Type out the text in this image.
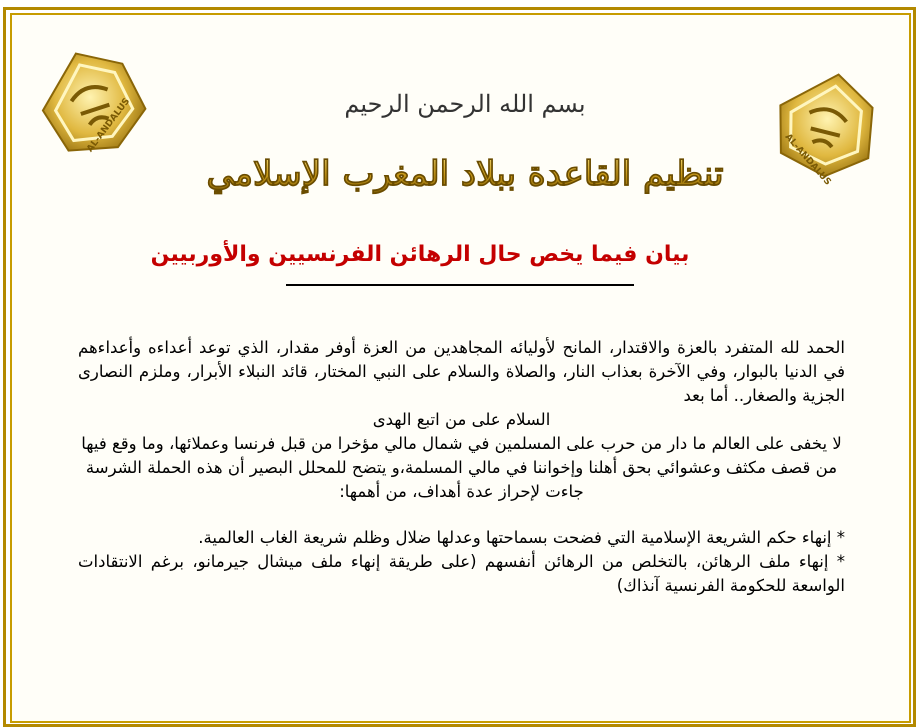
AL-ANDALUS
AL-ANDALUS
بسم الله الرحمن الرحيم
تنظيم القاعدة ببلاد المغرب الإسلامي
بيان فيما يخص حال الرهائن الفرنسيين والأوربيين

الحمد لله المتفرد بالعزة والاقتدار، المانح لأوليائه المجاهدين من العزة أوفر مقدار، الذي توعد أعداءه وأعداءهم في الدنيا بالبوار، وفي الآخرة بعذاب النار، والصلاة والسلام على النبي المختار، قائد النبلاء الأبرار، وملزم النصارى الجزية والصغار.. أما بعد

السلام على من اتبع الهدى

لا يخفى على العالم ما دار من حرب على المسلمين في شمال مالي مؤخرا من قبل فرنسا وعملائها، وما وقع فيها من قصف مكثف وعشوائي بحق أهلنا وإخواننا في مالي المسلمة،و يتضح للمحلل البصير أن هذه الحملة الشرسة جاءت لإحراز عدة أهداف، من أهمها:

* إنهاء حكم الشريعة الإسلامية التي فضحت بسماحتها وعدلها ضلال وظلم شريعة الغاب العالمية.

* إنهاء ملف الرهائن، بالتخلص من الرهائن أنفسهم (على طريقة إنهاء ملف ميشال جيرمانو، برغم الانتقادات الواسعة للحكومة الفرنسية آنذاك)
